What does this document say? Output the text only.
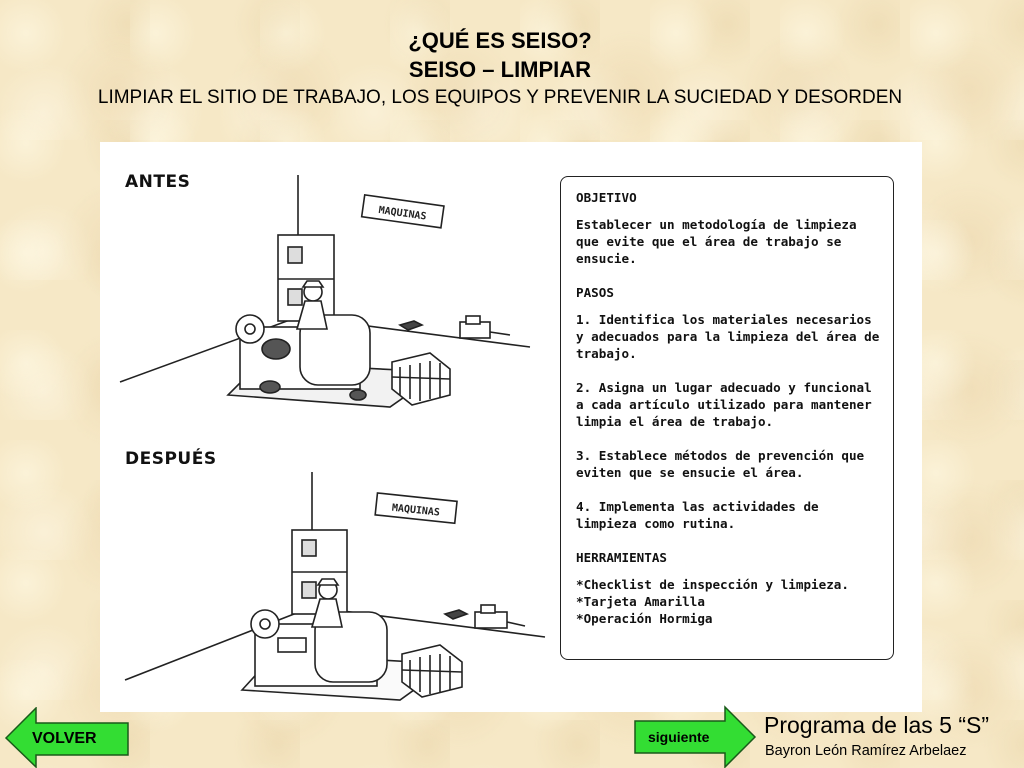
¿QUÉ ES SEISO?
SEISO – LIMPIAR
LIMPIAR EL SITIO DE TRABAJO, LOS EQUIPOS Y PREVENIR LA SUCIEDAD Y DESORDEN
ANTES
DESPUÉS
MAQUINAS
MAQUINAS
OBJETIVO
Establecer un metodología de limpieza que evite que el área de trabajo se ensucie.
PASOS
1. Identifica los materiales necesarios y adecuados para la limpieza del área de trabajo.
2. Asigna un lugar adecuado y funcional a cada artículo utilizado para mantener limpia el área de trabajo.
3. Establece métodos de prevención que eviten que se ensucie el área.
4. Implementa las actividades de limpieza como rutina.
HERRAMIENTAS
*Checklist de inspección y limpieza.
*Tarjeta Amarilla
*Operación Hormiga
VOLVER	siguiente Programa de las 5 “S”
Bayron León Ramírez Arbelaez
